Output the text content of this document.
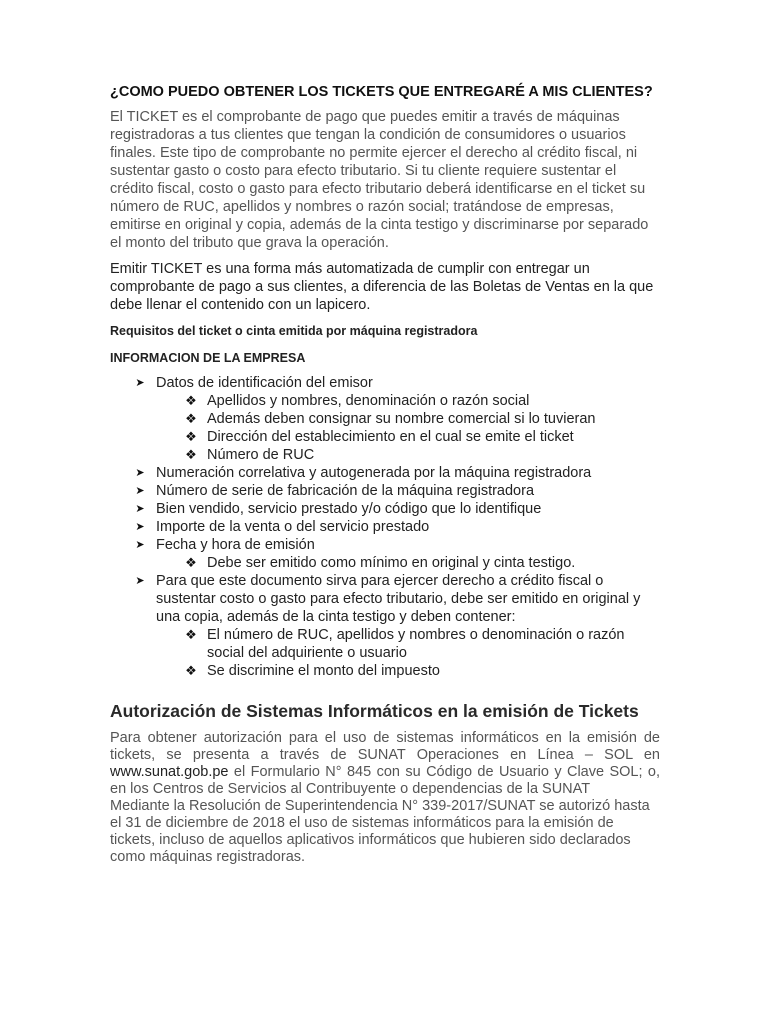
¿COMO PUEDO OBTENER LOS TICKETS QUE ENTREGARÉ A MIS CLIENTES?

El TICKET es el comprobante de pago que puedes emitir a través de máquinas registradoras a tus clientes que tengan la condición de consumidores o usuarios finales. Este tipo de comprobante no permite ejercer el derecho al crédito fiscal, ni sustentar gasto o costo para efecto tributario. Si tu cliente requiere sustentar el crédito fiscal, costo o gasto para efecto tributario deberá identificarse en el ticket su número de RUC, apellidos y nombres o razón social; tratándose de empresas, emitirse en original y copia, además de la cinta testigo y discriminarse por separado el monto del tributo que grava la operación.

Emitir TICKET es una forma más automatizada de cumplir con entregar un comprobante de pago a sus clientes, a diferencia de las Boletas de Ventas en la que debe llenar el contenido con un lapicero.

Requisitos del ticket o cinta emitida por máquina registradora

INFORMACION DE LA EMPRESA

➤ Datos de identificación del emisor
❖ Apellidos y nombres, denominación o razón social
❖ Además deben consignar su nombre comercial si lo tuvieran
❖ Dirección del establecimiento en el cual se emite el ticket
❖ Número de RUC
➤ Numeración correlativa y autogenerada por la máquina registradora
➤ Número de serie de fabricación de la máquina registradora
➤ Bien vendido, servicio prestado y/o código que lo identifique
➤ Importe de la venta o del servicio prestado
➤ Fecha y hora de emisión
❖ Debe ser emitido como mínimo en original y cinta testigo.
➤ Para que este documento sirva para ejercer derecho a crédito fiscal o sustentar costo o gasto para efecto tributario, debe ser emitido en original y una copia, además de la cinta testigo y deben contener:
❖ El número de RUC, apellidos y nombres o denominación o razón social del adquiriente o usuario
❖ Se discrimine el monto del impuesto
Autorización de Sistemas Informáticos en la emisión de Tickets

Para obtener autorización para el uso de sistemas informáticos en la emisión de tickets, se presenta a través de SUNAT Operaciones en Línea – SOL en www.sunat.gob.pe el Formulario N° 845 con su Código de Usuario y Clave SOL; o, en los Centros de Servicios al Contribuyente o dependencias de la SUNAT

Mediante la Resolución de Superintendencia N° 339-2017/SUNAT se autorizó hasta el 31 de diciembre de 2018 el uso de sistemas informáticos para la emisión de tickets, incluso de aquellos aplicativos informáticos que hubieren sido declarados como máquinas registradoras.
